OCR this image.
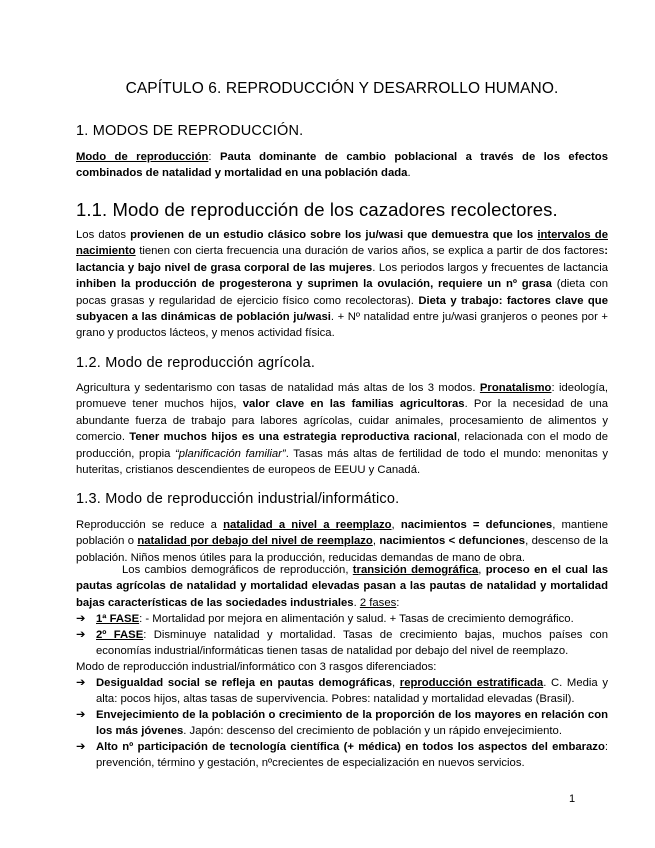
CAPÍTULO 6. REPRODUCCIÓN Y DESARROLLO HUMANO.
1. MODOS DE REPRODUCCIÓN.

Modo de reproducción: Pauta dominante de cambio poblacional a través de los efectos combinados de natalidad y mortalidad en una población dada.

1.1. Modo de reproducción de los cazadores recolectores.

Los datos provienen de un estudio clásico sobre los ju/wasi que demuestra que los intervalos de nacimiento tienen con cierta frecuencia una duración de varios años, se explica a partir de dos factores: lactancia y bajo nivel de grasa corporal de las mujeres. Los periodos largos y frecuentes de lactancia inhiben la producción de progesterona y suprimen la ovulación, requiere un nº grasa (dieta con pocas grasas y regularidad de ejercicio físico como recolectoras). Dieta y trabajo: factores clave que subyacen a las dinámicas de población ju/wasi. + Nº natalidad entre ju/wasi granjeros o peones por + grano y productos lácteos, y menos actividad física.

1.2. Modo de reproducción agrícola.

Agricultura y sedentarismo con tasas de natalidad más altas de los 3 modos. Pronatalismo: ideología, promueve tener muchos hijos, valor clave en las familias agricultoras. Por la necesidad de una abundante fuerza de trabajo para labores agrícolas, cuidar animales, procesamiento de alimentos y comercio. Tener muchos hijos es una estrategia reproductiva racional, relacionada con el modo de producción, propia “planificación familiar”. Tasas más altas de fertilidad de todo el mundo: menonitas y huteritas, cristianos descendientes de europeos de EEUU y Canadá.

1.3. Modo de reproducción industrial/informático.

Reproducción se reduce a natalidad a nivel a reemplazo, nacimientos = defunciones, mantiene población o natalidad por debajo del nivel de reemplazo, nacimientos < defunciones, descenso de la población. Niños menos útiles para la producción, reducidas demandas de mano de obra.

Los cambios demográficos de reproducción, transición demográfica, proceso en el cual las pautas agrícolas de natalidad y mortalidad elevadas pasan a las pautas de natalidad y mortalidad bajas características de las sociedades industriales. 2 fases:

➔ 1ª FASE: - Mortalidad por mejora en alimentación y salud. + Tasas de crecimiento demográfico.
➔ 2º FASE: Disminuye natalidad y mortalidad. Tasas de crecimiento bajas, muchos países con economías industrial/informáticas tienen tasas de natalidad por debajo del nivel de reemplazo.

Modo de reproducción industrial/informático con 3 rasgos diferenciados:

➔ Desigualdad social se refleja en pautas demográficas, reproducción estratificada. C. Media y alta: pocos hijos, altas tasas de supervivencia. Pobres: natalidad y mortalidad elevadas (Brasil).
➔ Envejecimiento de la población o crecimiento de la proporción de los mayores en relación con los más jóvenes. Japón: descenso del crecimiento de población y un rápido envejecimiento.
➔ Alto nº participación de tecnología científica (+ médica) en todos los aspectos del embarazo: prevención, término y gestación, nºcrecientes de especialización en nuevos servicios.
1
